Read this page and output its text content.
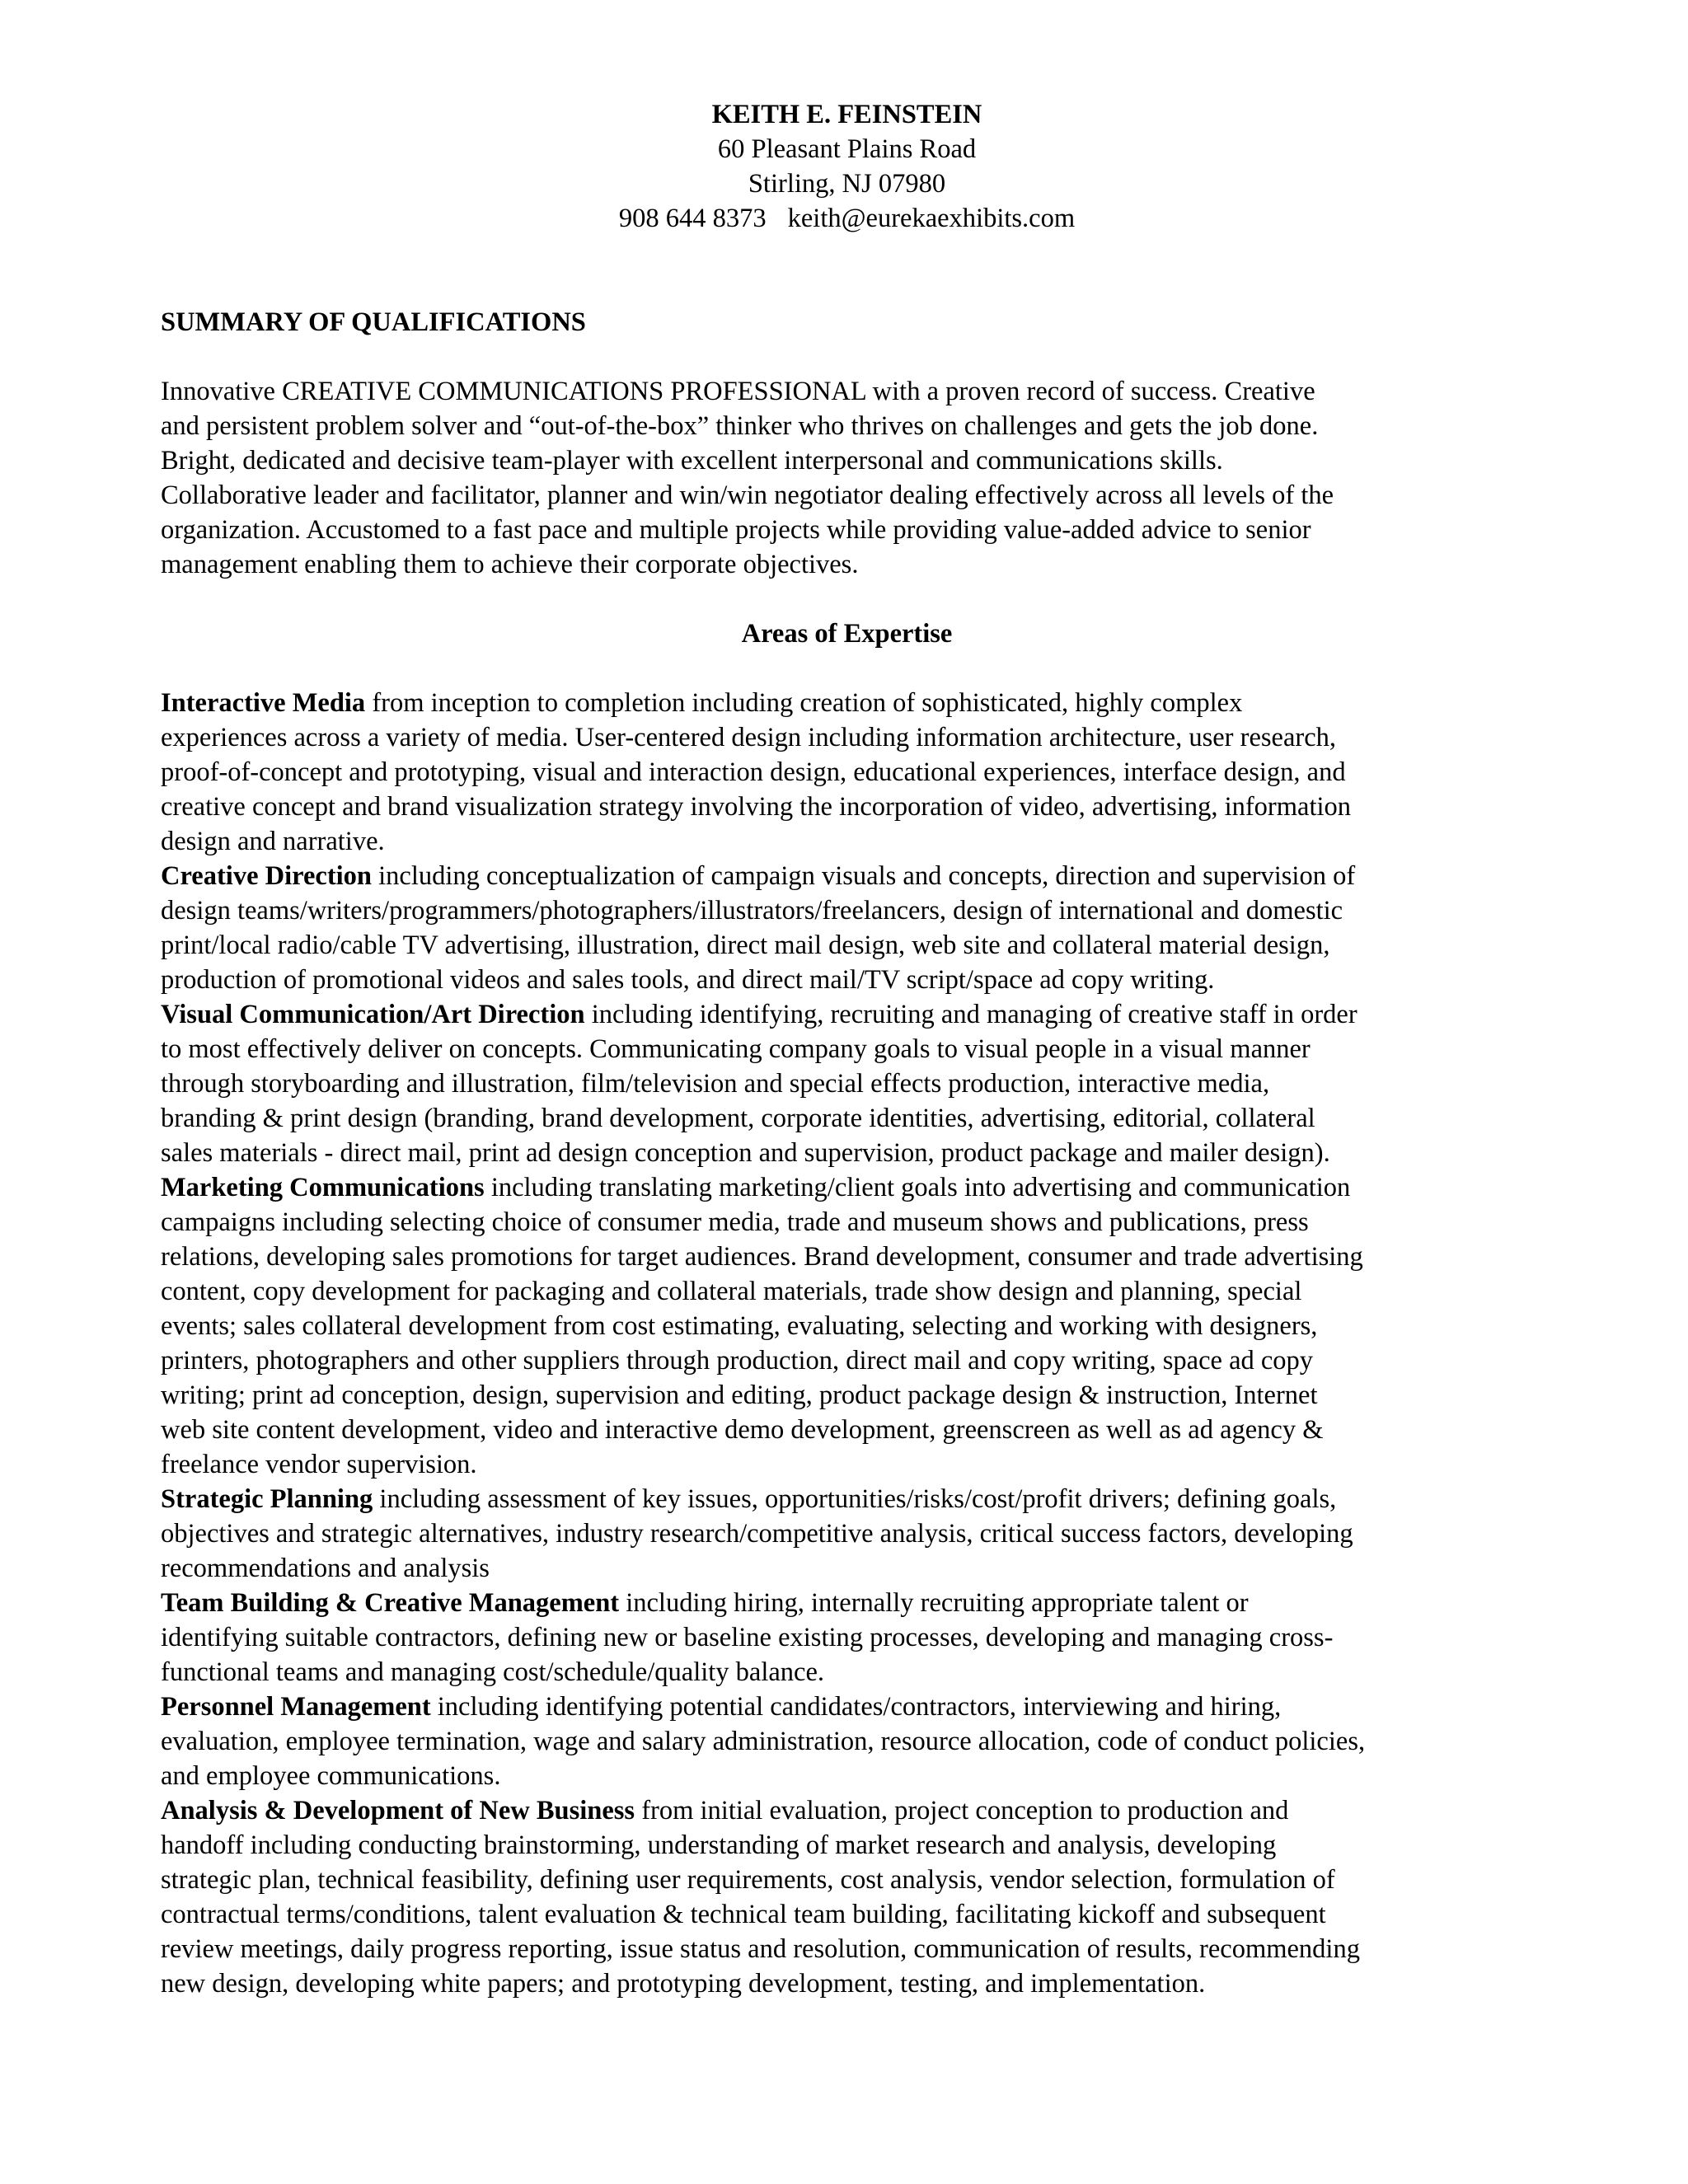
KEITH E. FEINSTEIN
60 Pleasant Plains Road
Stirling, NJ 07980
908 644 8373 keith@eurekaexhibits.com
SUMMARY OF QUALIFICATIONS
Innovative CREATIVE COMMUNICATIONS PROFESSIONAL with a proven record of success. Creative
and persistent problem solver and “out-of-the-box” thinker who thrives on challenges and gets the job done.
Bright, dedicated and decisive team-player with excellent interpersonal and communications skills.
Collaborative leader and facilitator, planner and win/win negotiator dealing effectively across all levels of the
organization. Accustomed to a fast pace and multiple projects while providing value-added advice to senior
management enabling them to achieve their corporate objectives.
Areas of Expertise
Interactive Media from inception to completion including creation of sophisticated, highly complex
experiences across a variety of media. User-centered design including information architecture, user research,
proof-of-concept and prototyping, visual and interaction design, educational experiences, interface design, and
creative concept and brand visualization strategy involving the incorporation of video, advertising, information
design and narrative.
Creative Direction including conceptualization of campaign visuals and concepts, direction and supervision of
design teams/writers/programmers/photographers/illustrators/freelancers, design of international and domestic
print/local radio/cable TV advertising, illustration, direct mail design, web site and collateral material design,
production of promotional videos and sales tools, and direct mail/TV script/space ad copy writing.
Visual Communication/Art Direction including identifying, recruiting and managing of creative staff in order
to most effectively deliver on concepts. Communicating company goals to visual people in a visual manner
through storyboarding and illustration, film/television and special effects production, interactive media,
branding & print design (branding, brand development, corporate identities, advertising, editorial, collateral
sales materials - direct mail, print ad design conception and supervision, product package and mailer design).
Marketing Communications including translating marketing/client goals into advertising and communication
campaigns including selecting choice of consumer media, trade and museum shows and publications, press
relations, developing sales promotions for target audiences. Brand development, consumer and trade advertising
content, copy development for packaging and collateral materials, trade show design and planning, special
events; sales collateral development from cost estimating, evaluating, selecting and working with designers,
printers, photographers and other suppliers through production, direct mail and copy writing, space ad copy
writing; print ad conception, design, supervision and editing, product package design & instruction, Internet
web site content development, video and interactive demo development, greenscreen as well as ad agency &
freelance vendor supervision.
Strategic Planning including assessment of key issues, opportunities/risks/cost/profit drivers; defining goals,
objectives and strategic alternatives, industry research/competitive analysis, critical success factors, developing
recommendations and analysis
Team Building & Creative Management including hiring, internally recruiting appropriate talent or
identifying suitable contractors, defining new or baseline existing processes, developing and managing cross-
functional teams and managing cost/schedule/quality balance.
Personnel Management including identifying potential candidates/contractors, interviewing and hiring,
evaluation, employee termination, wage and salary administration, resource allocation, code of conduct policies,
and employee communications.
Analysis & Development of New Business from initial evaluation, project conception to production and
handoff including conducting brainstorming, understanding of market research and analysis, developing
strategic plan, technical feasibility, defining user requirements, cost analysis, vendor selection, formulation of
contractual terms/conditions, talent evaluation & technical team building, facilitating kickoff and subsequent
review meetings, daily progress reporting, issue status and resolution, communication of results, recommending
new design, developing white papers; and prototyping development, testing, and implementation.
